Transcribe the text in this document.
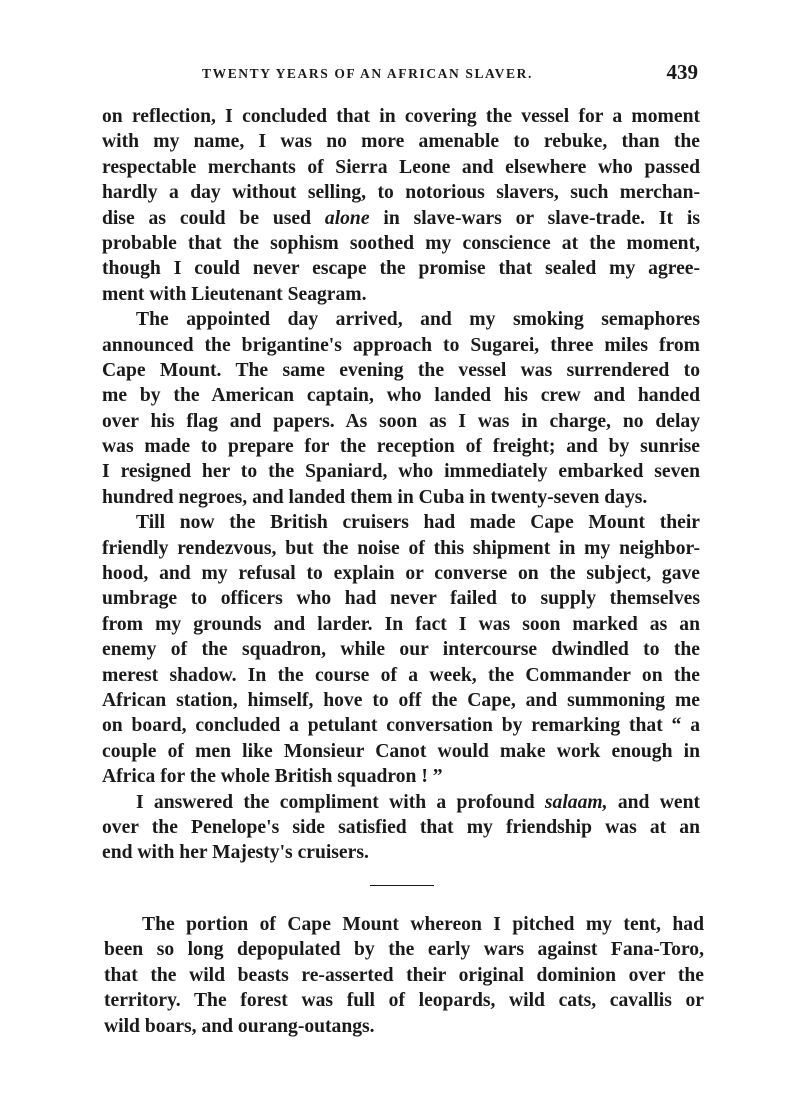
TWENTY YEARS OF AN AFRICAN SLAVER.	439
on reflection, I concluded that in covering the vessel for a moment
with my name, I was no more amenable to rebuke, than the
respectable merchants of Sierra Leone and elsewhere who passed
hardly a day without selling, to notorious slavers, such merchan-
dise as could be used alone in slave-wars or slave-trade. It is
probable that the sophism soothed my conscience at the moment,
though I could never escape the promise that sealed my agree-
ment with Lieutenant Seagram.
The appointed day arrived, and my smoking semaphores
announced the brigantine's approach to Sugarei, three miles from
Cape Mount. The same evening the vessel was surrendered to
me by the American captain, who landed his crew and handed
over his flag and papers. As soon as I was in charge, no delay
was made to prepare for the reception of freight; and by sunrise
I resigned her to the Spaniard, who immediately embarked seven
hundred negroes, and landed them in Cuba in twenty-seven days.
Till now the British cruisers had made Cape Mount their
friendly rendezvous, but the noise of this shipment in my neighbor-
hood, and my refusal to explain or converse on the subject, gave
umbrage to officers who had never failed to supply themselves
from my grounds and larder. In fact I was soon marked as an
enemy of the squadron, while our intercourse dwindled to the
merest shadow. In the course of a week, the Commander on the
African station, himself, hove to off the Cape, and summoning me
on board, concluded a petulant conversation by remarking that “ a
couple of men like Monsieur Canot would make work enough in
Africa for the whole British squadron ! ”
I answered the compliment with a profound salaam, and went
over the Penelope's side satisfied that my friendship was at an
end with her Majesty's cruisers.
The portion of Cape Mount whereon I pitched my tent, had
been so long depopulated by the early wars against Fana-Toro,
that the wild beasts re-asserted their original dominion over the
territory. The forest was full of leopards, wild cats, cavallis or
wild boars, and ourang-outangs.
